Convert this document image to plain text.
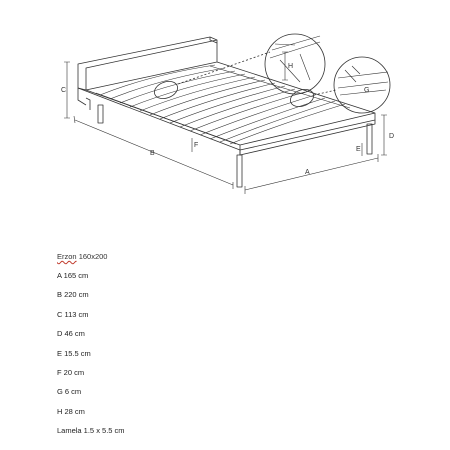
C
B
A
D
F
E
H
G
Erzon 160x200
A 165 cm
B 220 cm
C 113 cm
D 46 cm
E 15.5 cm
F 20 cm
G 6 cm
H 28 cm
Lamela 1.5 x 5.5 cm
